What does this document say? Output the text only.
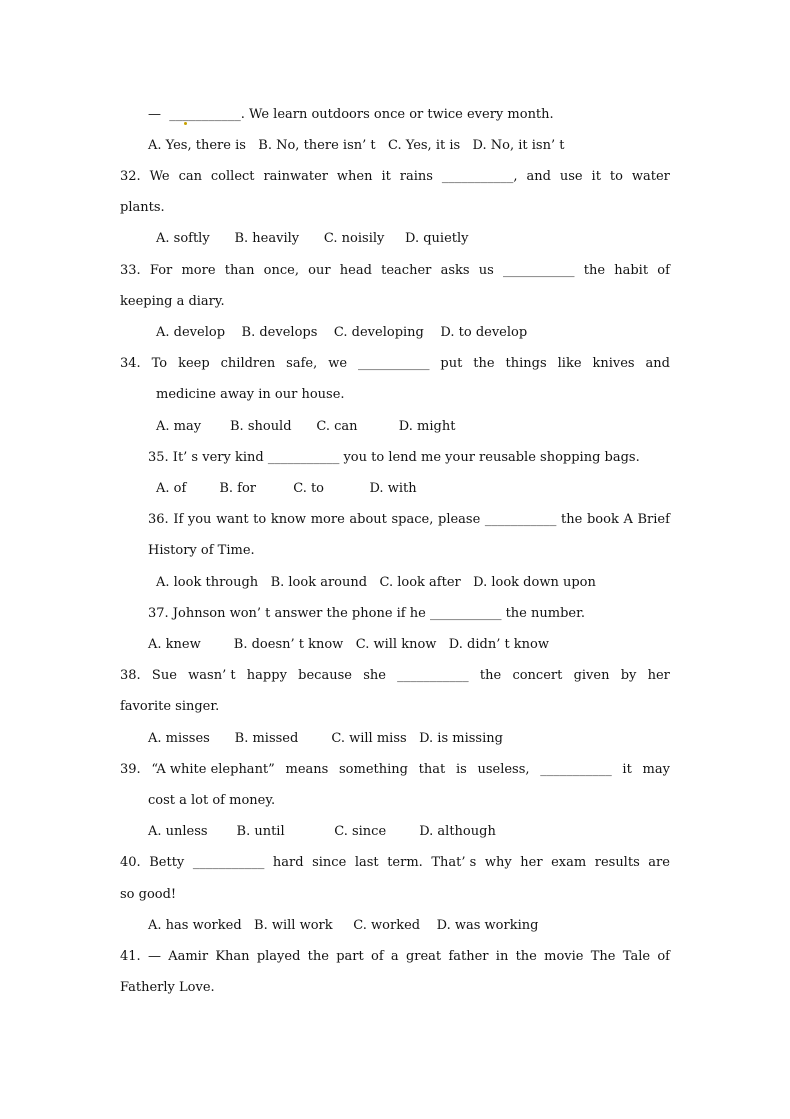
—  ___________. We learn outdoors once or twice every month.
A. Yes, there is   B. No, there isn’ t   C. Yes, it is   D. No, it isn’ t
32. We can collect rainwater when it rains ___________, and use it to water
plants.
A. softly      B. heavily      C. noisily     D. quietly
33. For more than once, our head teacher asks us ___________ the habit of
keeping a diary.
A. develop    B. develops    C. developing    D. to develop
34. To keep children safe, we ___________ put the things like knives and
medicine away in our house.
A. may       B. should      C. can          D. might
35. It’ s very kind ___________ you to lend me your reusable shopping bags.
A. of        B. for         C. to           D. with
36. If you want to know more about space, please ___________ the book A Brief
History of Time.
A. look through   B. look around   C. look after   D. look down upon
37. Johnson won’ t answer the phone if he ___________ the number.
A. knew        B. doesn’ t know   C. will know   D. didn’ t know
38. Sue wasn’ t happy because she ___________ the concert given by her
favorite singer.
A. misses      B. missed        C. will miss   D. is missing
39. “A white elephant” means something that is useless, ___________ it may
cost a lot of money.
A. unless       B. until            C. since        D. although
40. Betty ___________ hard since last term. That’ s why her exam results are
so good!
A. has worked   B. will work     C. worked    D. was working
41. — Aamir Khan played the part of a great father in the movie The Tale of
Fatherly Love.
